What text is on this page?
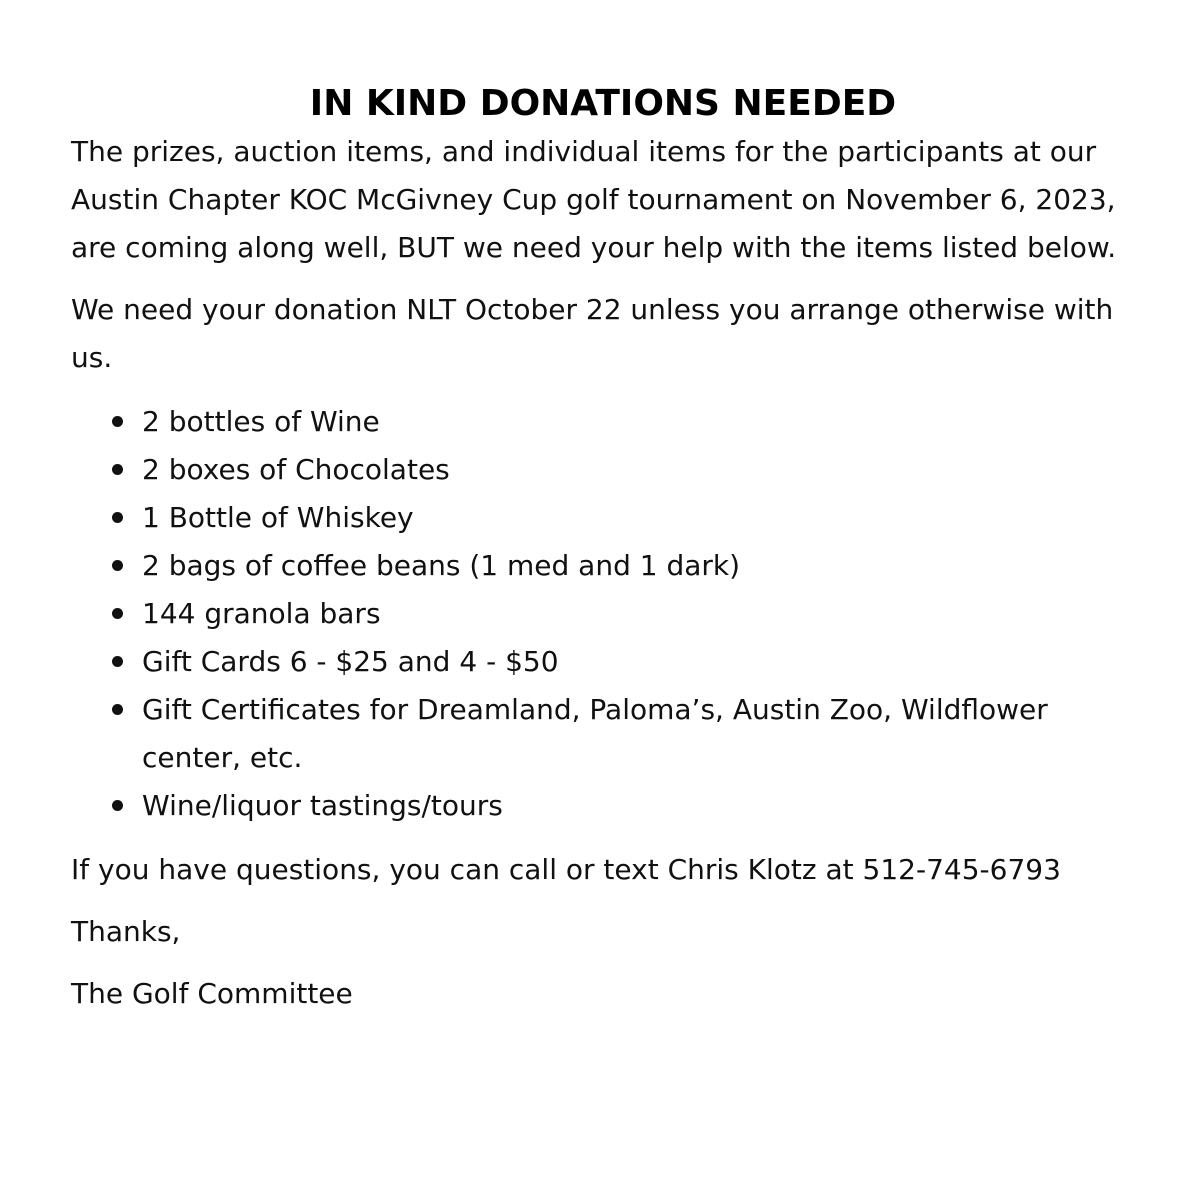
IN KIND DONATIONS NEEDED

The prizes, auction items, and individual items for the participants at our Austin Chapter KOC McGivney Cup golf tournament on November 6, 2023, are coming along well, BUT we need your help with the items listed below.

We need your donation NLT October 22 unless you arrange otherwise with us.

2 bottles of Wine
2 boxes of Chocolates
1 Bottle of Whiskey
2 bags of coffee beans (1 med and 1 dark)
144 granola bars
Gift Cards 6 - $25 and 4 - $50
Gift Certificates for Dreamland, Paloma’s, Austin Zoo, Wildflower center, etc.
Wine/liquor tastings/tours

If you have questions, you can call or text Chris Klotz at 512-745-6793

Thanks,

The Golf Committee
